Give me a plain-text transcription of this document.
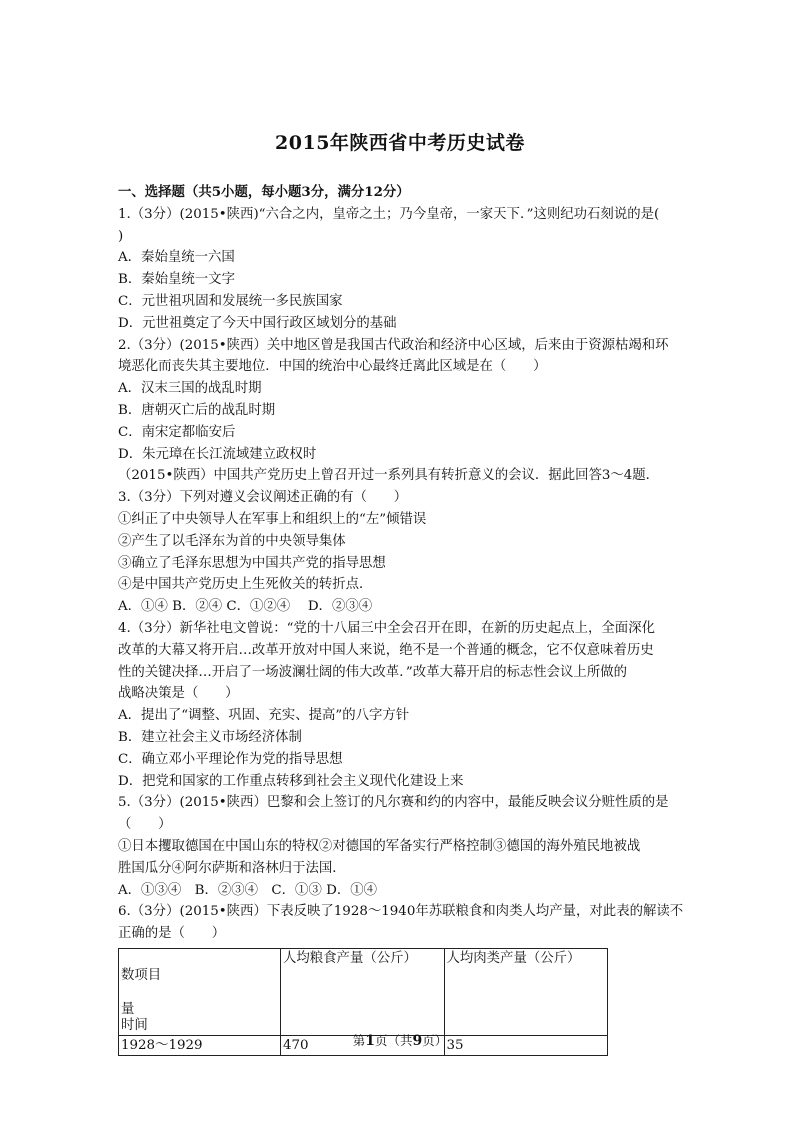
2015年陕西省中考历史试卷
一、选择题（共5小题，每小题3分，满分12分）
1.（3分）(2015•陕西)“六合之内，皇帝之土；乃今皇帝，一家天下．”这则纪功石刻说的是(
)
A．秦始皇统一六国
B．秦始皇统一文字
C．元世祖巩固和发展统一多民族国家
D．元世祖奠定了今天中国行政区域划分的基础
2.（3分）(2015•陕西）关中地区曾是我国古代政治和经济中心区域，后来由于资源枯竭和环
境恶化而丧失其主要地位．中国的统治中心最终迁离此区域是在（　　）
A．汉末三国的战乱时期
B．唐朝灭亡后的战乱时期
C．南宋定都临安后
D．朱元璋在长江流域建立政权时
（2015•陕西）中国共产党历史上曾召开过一系列具有转折意义的会议．据此回答3～4题．
3.（3分）下列对遵义会议阐述正确的有（　　）
①纠正了中央领导人在军事上和组织上的“左”倾错误
②产生了以毛泽东为首的中央领导集体
③确立了毛泽东思想为中国共产党的指导思想
④是中国共产党历史上生死攸关的转折点．
A．①④ B．②④ C．①②④　 D．②③④
4.（3分）新华社电文曾说：“党的十八届三中全会召开在即，在新的历史起点上，全面深化
改革的大幕又将开启…改革开放对中国人来说，绝不是一个普通的概念，它不仅意味着历史
性的关键决择…开启了一场波澜壮阔的伟大改革．”改革大幕开启的标志性会议上所做的
战略决策是（　　）
A．提出了“调整、巩固、充实、提高”的八字方针
B．建立社会主义市场经济体制
C．确立邓小平理论作为党的指导思想
D．把党和国家的工作重点转移到社会主义现代化建设上来
5.（3分）(2015•陕西）巴黎和会上签订的凡尔赛和约的内容中，最能反映会议分赃性质的是
（　　）
①日本攫取德国在中国山东的特权②对德国的军备实行严格控制③德国的海外殖民地被战
胜国瓜分④阿尔萨斯和洛林归于法国．
A．①③④　B．②③④　C．①③ D．①④
6.（3分）(2015•陕西）下表反映了1928～1940年苏联粮食和肉类人均产量，对此表的解读不
正确的是（　　）
数项目
量
时间	人均粮食产量（公斤）	人均肉类产量（公斤）
1928～1929	470	35
第1页（共9页）
